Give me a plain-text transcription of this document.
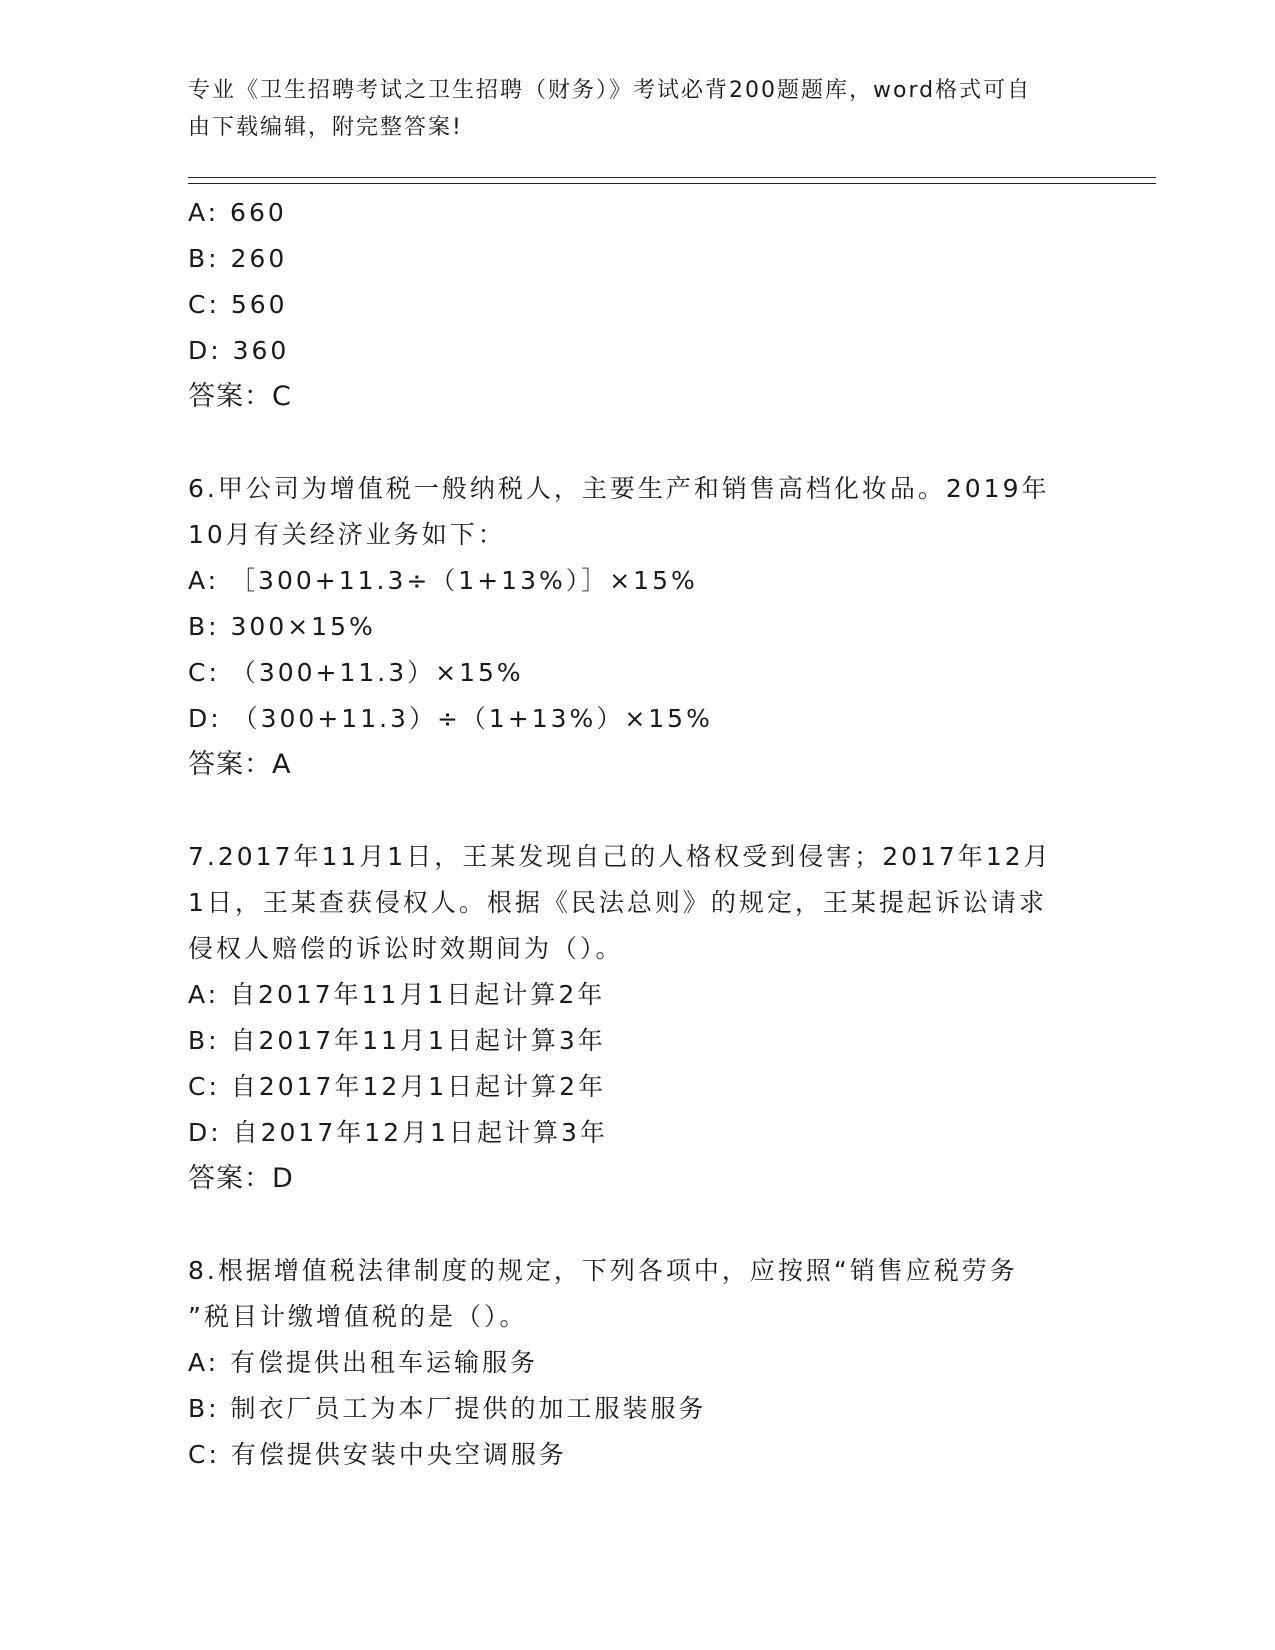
专业《卫生招聘考试之卫生招聘（财务）》考试必背200题题库，word格式可自
由下载编辑，附完整答案!
A: 660
B: 260
C: 560
D: 360
答案：C
6.甲公司为增值税一般纳税人，主要生产和销售高档化妆品。2019年
10月有关经济业务如下：
A: ［300+11.3÷（1+13%）］×15%
B: 300×15%
C: （300+11.3）×15%
D: （300+11.3）÷（1+13%）×15%
答案：A
7.2017年11月1日，王某发现自己的人格权受到侵害；2017年12月
1日，王某查获侵权人。根据《民法总则》的规定，王某提起诉讼请求
侵权人赔偿的诉讼时效期间为（）。
A: 自2017年11月1日起计算2年
B: 自2017年11月1日起计算3年
C: 自2017年12月1日起计算2年
D: 自2017年12月1日起计算3年
答案：D
8.根据增值税法律制度的规定，下列各项中，应按照“销售应税劳务
”税目计缴增值税的是（）。
A: 有偿提供出租车运输服务
B: 制衣厂员工为本厂提供的加工服装服务
C: 有偿提供安装中央空调服务
